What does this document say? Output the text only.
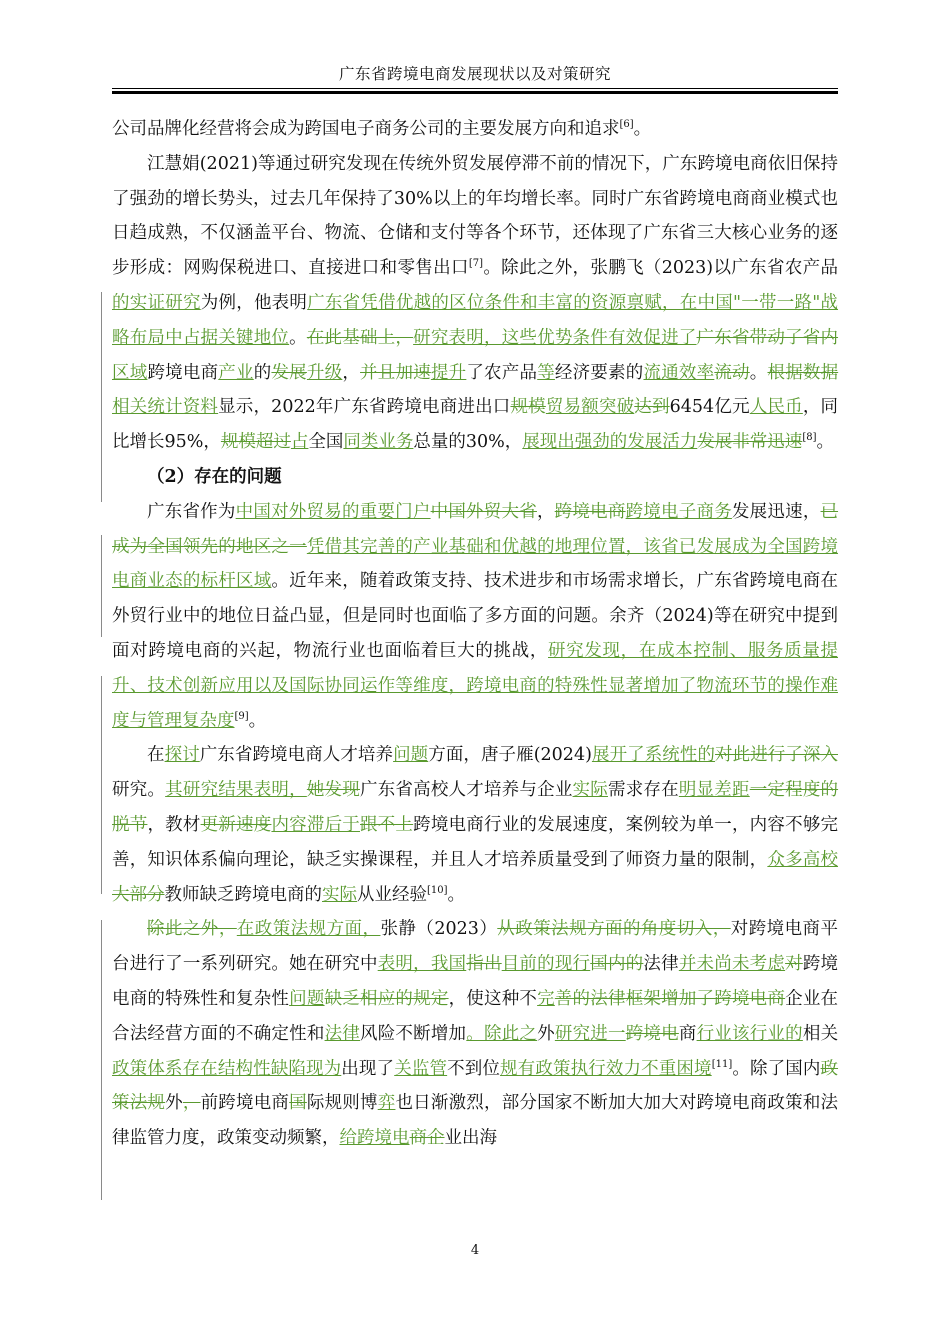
广东省跨境电商发展现状以及对策研究

公司品牌化经营将会成为跨国电子商务公司的主要发展方向和追求[6]。

江慧娟(2021)等通过研究发现在传统外贸发展停滞不前的情况下，广东跨境电商依旧保持了强劲的增长势头，过去几年保持了30%以上的年均增长率。同时广东省跨境电商商业模式也日趋成熟，不仅涵盖平台、物流、仓储和支付等各个环节，还体现了广东省三大核心业务的逐步形成：网购保税进口、直接进口和零售出口[7]。除此之外，张鹏飞（2023)以广东省农产品的实证研究为例，他表明广东省凭借优越的区位条件和丰富的资源禀赋，在中国"一带一路"战略布局中占据关键地位。在此基础上，研究表明，这些优势条件有效促进了广东省带动了省内区域跨境电商产业的发展升级，并且加速提升了农产品等经济要素的流通效率流动。根据数据相关统计资料显示，2022年广东省跨境电商进出口规模贸易额突破达到6454亿元人民币，同比增长95%，规模超过占全国同类业务总量的30%，展现出强劲的发展活力发展非常迅速[8]。

（2）存在的问题

广东省作为中国对外贸易的重要门户中国外贸大省，跨境电商跨境电子商务发展迅速，已成为全国领先的地区之一凭借其完善的产业基础和优越的地理位置，该省已发展成为全国跨境电商业态的标杆区域。近年来，随着政策支持、技术进步和市场需求增长，广东省跨境电商在外贸行业中的地位日益凸显，但是同时也面临了多方面的问题。余齐（2024)等在研究中提到面对跨境电商的兴起，物流行业也面临着巨大的挑战，研究发现，在成本控制、服务质量提升、技术创新应用以及国际协同运作等维度，跨境电商的特殊性显著增加了物流环节的操作难度与管理复杂度[9]。

在探讨广东省跨境电商人才培养问题方面，唐子雁(2024)展开了系统性的对此进行了深入研究。其研究结果表明，她发现广东省高校人才培养与企业实际需求存在明显差距一定程度的脱节，教材更新速度内容滞后于跟不上跨境电商行业的发展速度，案例较为单一，内容不够完善，知识体系偏向理论，缺乏实操课程，并且人才培养质量受到了师资力量的限制，众多高校大部分教师缺乏跨境电商的实际从业经验[10]。

除此之外，在政策法规方面，张静（2023）从政策法规方面的角度切入，对跨境电商平台进行了一系列研究。她在研究中表明，我国指出目前的现行国内的法律并未尚未考虑对跨境电商的特殊性和复杂性问题缺乏相应的规定，使这种不完善的法律框架增加了跨境电商企业在合法经营方面的不确定性和法律风险不断增加。除此之外研究进一跨境电商行业该行业的相关政策体系存在结构性缺陷现为出现了关监管不到位规有政策执行效力不重困境[11]。除了国内政策法规外，前跨境电商国际规则博弈也日渐激烈，部分国家不断加大加大对跨境电商政策和法律监管力度，政策变动频繁，给跨境电商企业出海

4
